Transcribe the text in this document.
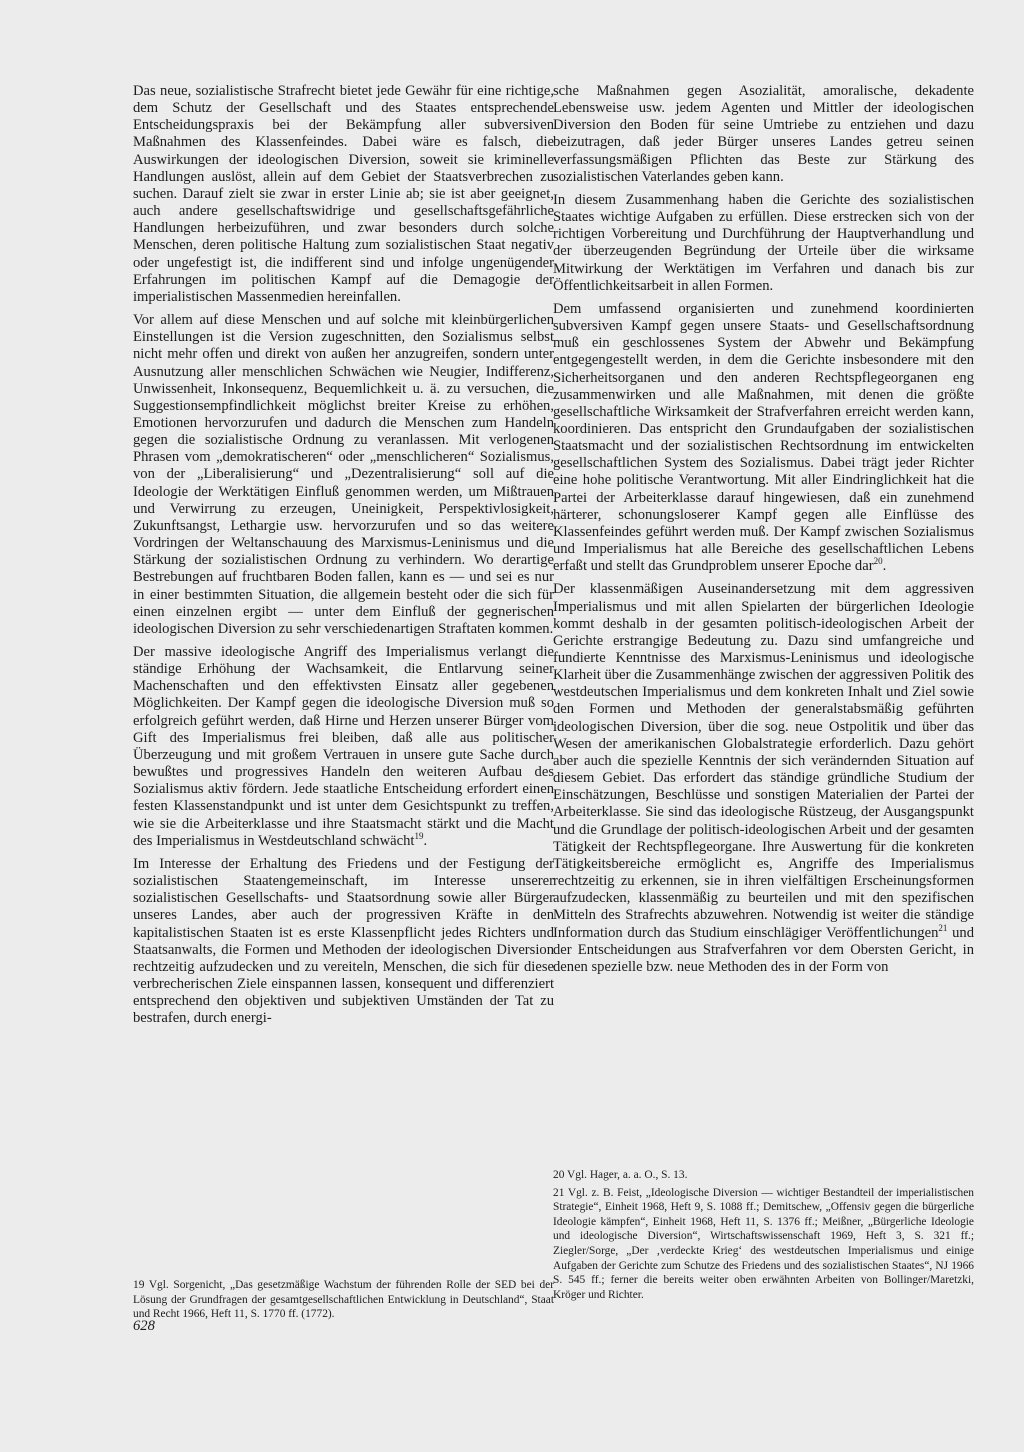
Das neue, sozialistische Strafrecht bietet jede Gewähr für eine richtige, dem Schutz der Gesellschaft und des Staates entsprechende Entscheidungspraxis bei der Bekämpfung aller subversiven Maßnahmen des Klassenfeindes. Dabei wäre es falsch, die Auswirkungen der ideologischen Diversion, soweit sie kriminelle Handlungen auslöst, allein auf dem Gebiet der Staatsverbrechen zu suchen. Darauf zielt sie zwar in erster Linie ab; sie ist aber geeignet, auch andere gesellschaftswidrige und gesellschaftsgefährliche Handlungen herbeizuführen, und zwar besonders durch solche Menschen, deren politische Haltung zum sozialistischen Staat negativ oder ungefestigt ist, die indifferent sind und infolge ungenügender Erfahrungen im politischen Kampf auf die Demagogie der imperialistischen Massenmedien hereinfallen.

Vor allem auf diese Menschen und auf solche mit kleinbürgerlichen Einstellungen ist die Version zugeschnitten, den Sozialismus selbst nicht mehr offen und direkt von außen her anzugreifen, sondern unter Ausnutzung aller menschlichen Schwächen wie Neugier, Indifferenz, Unwissenheit, Inkonsequenz, Bequemlichkeit u. ä. zu versuchen, die Suggestionsempfindlichkeit möglichst breiter Kreise zu erhöhen, Emotionen hervorzurufen und dadurch die Menschen zum Handeln gegen die sozialistische Ordnung zu veranlassen. Mit verlogenen Phrasen vom „demokratischeren“ oder „menschlicheren“ Sozialismus, von der „Liberalisierung“ und „Dezentralisierung“ soll auf die Ideologie der Werktätigen Einfluß genommen werden, um Mißtrauen und Verwirrung zu erzeugen, Uneinigkeit, Perspektivlosigkeit, Zukunftsangst, Lethargie usw. hervorzurufen und so das weitere Vordringen der Weltanschauung des Marxismus-Leninismus und die Stärkung der sozialistischen Ordnung zu verhindern. Wo derartige Bestrebungen auf fruchtbaren Boden fallen, kann es — und sei es nur in einer bestimmten Situation, die allgemein besteht oder die sich für einen einzelnen ergibt — unter dem Einfluß der gegnerischen ideologischen Diversion zu sehr verschiedenartigen Straftaten kommen.

Der massive ideologische Angriff des Imperialismus verlangt die ständige Erhöhung der Wachsamkeit, die Entlarvung seiner Machenschaften und den effektivsten Einsatz aller gegebenen Möglichkeiten. Der Kampf gegen die ideologische Diversion muß so erfolgreich geführt werden, daß Hirne und Herzen unserer Bürger vom Gift des Imperialismus frei bleiben, daß alle aus politischer Überzeugung und mit großem Vertrauen in unsere gute Sache durch bewußtes und progressives Handeln den weiteren Aufbau des Sozialismus aktiv fördern. Jede staatliche Entscheidung erfordert einen festen Klassenstandpunkt und ist unter dem Gesichtspunkt zu treffen, wie sie die Arbeiterklasse und ihre Staatsmacht stärkt und die Macht des Imperialismus in Westdeutschland schwächt$^{19}$.

Im Interesse der Erhaltung des Friedens und der Festigung der sozialistischen Staatengemeinschaft, im Interesse unserer sozialistischen Gesellschafts- und Staatsordnung sowie aller Bürger unseres Landes, aber auch der progressiven Kräfte in den kapitalistischen Staaten ist es erste Klassenpflicht jedes Richters und Staatsanwalts, die Formen und Methoden der ideologischen Diversion rechtzeitig aufzudecken und zu vereiteln, Menschen, die sich für diese verbrecherischen Ziele einspannen lassen, konsequent und differenziert entsprechend den objektiven und subjektiven Umständen der Tat zu bestrafen, durch energi-

sche Maßnahmen gegen Asozialität, amoralische, dekadente Lebensweise usw. jedem Agenten und Mittler der ideologischen Diversion den Boden für seine Umtriebe zu entziehen und dazu beizutragen, daß jeder Bürger unseres Landes getreu seinen verfassungsmäßigen Pflichten das Beste zur Stärkung des sozialistischen Vaterlandes geben kann.

In diesem Zusammenhang haben die Gerichte des sozialistischen Staates wichtige Aufgaben zu erfüllen. Diese erstrecken sich von der richtigen Vorbereitung und Durchführung der Hauptverhandlung und der überzeugenden Begründung der Urteile über die wirksame Mitwirkung der Werktätigen im Verfahren und danach bis zur Öffentlichkeitsarbeit in allen Formen.

Dem umfassend organisierten und zunehmend koordinierten subversiven Kampf gegen unsere Staats- und Gesellschaftsordnung muß ein geschlossenes System der Abwehr und Bekämpfung entgegengestellt werden, in dem die Gerichte insbesondere mit den Sicherheitsorganen und den anderen Rechtspflegeorganen eng zusammenwirken und alle Maßnahmen, mit denen die größte gesellschaftliche Wirksamkeit der Strafverfahren erreicht werden kann, koordinieren. Das entspricht den Grundaufgaben der sozialistischen Staatsmacht und der sozialistischen Rechtsordnung im entwickelten gesellschaftlichen System des Sozialismus. Dabei trägt jeder Richter eine hohe politische Verantwortung. Mit aller Eindringlichkeit hat die Partei der Arbeiterklasse darauf hingewiesen, daß ein zunehmend härterer, schonungsloserer Kampf gegen alle Einflüsse des Klassenfeindes geführt werden muß. Der Kampf zwischen Sozialismus und Imperialismus hat alle Bereiche des gesellschaftlichen Lebens erfaßt und stellt das Grundproblem unserer Epoche dar$^{20}$.

Der klassenmäßigen Auseinandersetzung mit dem aggressiven Imperialismus und mit allen Spielarten der bürgerlichen Ideologie kommt deshalb in der gesamten politisch-ideologischen Arbeit der Gerichte erstrangige Bedeutung zu. Dazu sind umfangreiche und fundierte Kenntnisse des Marxismus-Leninismus und ideologische Klarheit über die Zusammenhänge zwischen der aggressiven Politik des westdeutschen Imperialismus und dem konkreten Inhalt und Ziel sowie den Formen und Methoden der generalstabsmäßig geführten ideologischen Diversion, über die sog. neue Ostpolitik und über das Wesen der amerikanischen Globalstrategie erforderlich. Dazu gehört aber auch die spezielle Kenntnis der sich verändernden Situation auf diesem Gebiet. Das erfordert das ständige gründliche Studium der Einschätzungen, Beschlüsse und sonstigen Materialien der Partei der Arbeiterklasse. Sie sind das ideologische Rüstzeug, der Ausgangspunkt und die Grundlage der politisch-ideologischen Arbeit und der gesamten Tätigkeit der Rechtspflegeorgane. Ihre Auswertung für die konkreten Tätigkeitsbereiche ermöglicht es, Angriffe des Imperialismus rechtzeitig zu erkennen, sie in ihren vielfältigen Erscheinungsformen aufzudecken, klassenmäßig zu beurteilen und mit den spezifischen Mitteln des Strafrechts abzuwehren. Notwendig ist weiter die ständige Information durch das Studium einschlägiger Veröffentlichungen$^{21}$ und der Entscheidungen aus Strafverfahren vor dem Obersten Gericht, in denen spezielle bzw. neue Methoden des in der Form von

19 Vgl. Sorgenicht, „Das gesetzmäßige Wachstum der führenden Rolle der SED bei der Lösung der Grundfragen der gesamtgesellschaftlichen Entwicklung in Deutschland“, Staat und Recht 1966, Heft 11, S. 1770 ff. (1772).

20 Vgl. Hager, a. a. O., S. 13.

21 Vgl. z. B. Feist, „Ideologische Diversion — wichtiger Bestandteil der imperialistischen Strategie“, Einheit 1968, Heft 9, S. 1088 ff.; Demitschew, „Offensiv gegen die bürgerliche Ideologie kämpfen“, Einheit 1968, Heft 11, S. 1376 ff.; Meißner, „Bürgerliche Ideologie und ideologische Diversion“, Wirtschaftswissenschaft 1969, Heft 3, S. 321 ff.; Ziegler/Sorge, „Der ‚verdeckte Krieg‘ des westdeutschen Imperialismus und einige Aufgaben der Gerichte zum Schutze des Friedens und des sozialistischen Staates“, NJ 1966 S. 545 ff.; ferner die bereits weiter oben erwähnten Arbeiten von Bollinger/Maretzki, Kröger und Richter.

628
